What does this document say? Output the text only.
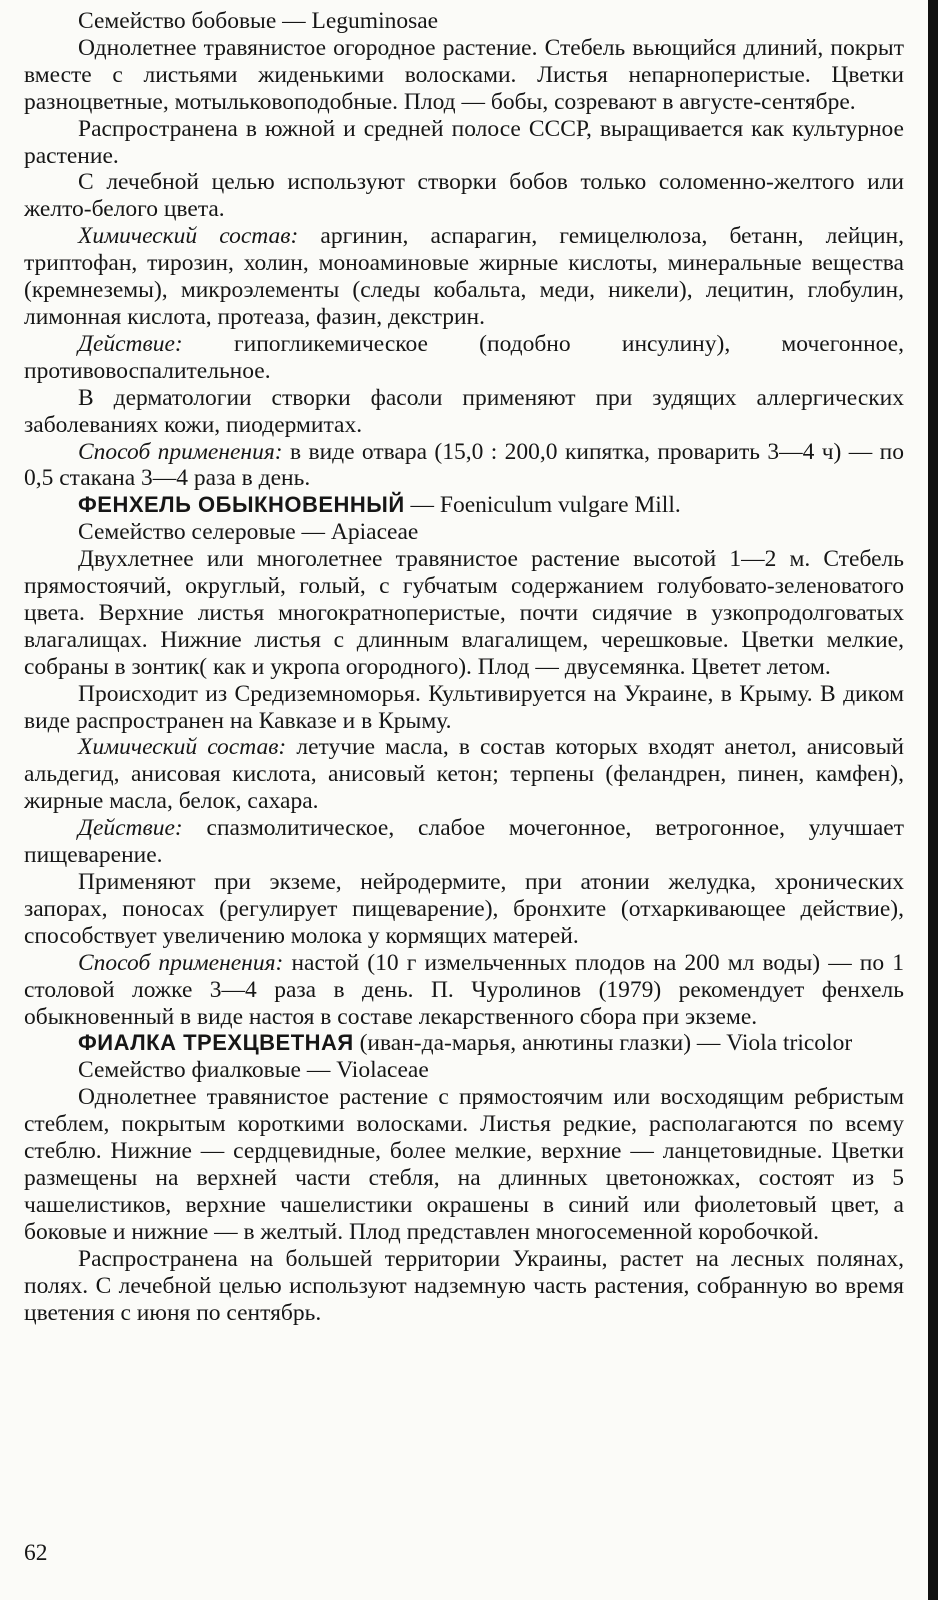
Семейство бобовые — Leguminosae

Однолетнее травянистое огородное растение. Стебель вьющийся длиний, покрыт вместе с листьями жиденькими волосками. Листья непарноперистые. Цветки разноцветные, мотыльковоподобные. Плод — бобы, созревают в августе-сентябре.

Распространена в южной и средней полосе СССР, выращивается как культурное растение.

С лечебной целью используют створки бобов только соломенно-желтого или желто-белого цвета.

Химический состав: аргинин, аспарагин, гемицелюлоза, бетанн, лейцин, триптофан, тирозин, холин, моноаминовые жирные кислоты, минеральные вещества (кремнеземы), микроэлементы (следы кобальта, меди, никели), лецитин, глобулин, лимонная кислота, протеаза, фазин, декстрин.

Действие: гипогликемическое (подобно инсулину), мочегонное, противовоспалительное.

В дерматологии створки фасоли применяют при зудящих аллергических заболеваниях кожи, пиодермитах.

Способ применения: в виде отвара (15,0 : 200,0 кипятка, проварить 3—4 ч) — по 0,5 стакана 3—4 раза в день.

ФЕНХЕЛЬ ОБЫКНОВЕННЫЙ — Foeniculum vulgare Mill.

Семейство селеровые — Apiaceae

Двухлетнее или многолетнее травянистое растение высотой 1—2 м. Стебель прямостоячий, округлый, голый, с губчатым содержанием голубовато-зеленоватого цвета. Верхние листья многократноперистые, почти сидячие в узкопродолговатых влагалищах. Нижние листья с длинным влагалищем, черешковые. Цветки мелкие, собраны в зонтик( как и укропа огородного). Плод — двусемянка. Цветет летом.

Происходит из Средиземноморья. Культивируется на Украине, в Крыму. В диком виде распространен на Кавказе и в Крыму.

Химический состав: летучие масла, в состав которых входят анетол, анисовый альдегид, анисовая кислота, анисовый кетон; терпены (феландрен, пинен, камфен), жирные масла, белок, сахара.

Действие: спазмолитическое, слабое мочегонное, ветрогонное, улучшает пищеварение.

Применяют при экземе, нейродермите, при атонии желудка, хронических запорах, поносах (регулирует пищеварение), бронхите (отхаркивающее действие), способствует увеличению молока у кормящих матерей.

Способ применения: настой (10 г измельченных плодов на 200 мл воды) — по 1 столовой ложке 3—4 раза в день. П. Чуролинов (1979) рекомендует фенхель обыкновенный в виде настоя в составе лекарственного сбора при экземе.

ФИАЛКА ТРЕХЦВЕТНАЯ (иван-да-марья, анютины глазки) — Viola tricolor

Семейство фиалковые — Violaceae

Однолетнее травянистое растение с прямостоячим или восходящим ребристым стеблем, покрытым короткими волосками. Листья редкие, располагаются по всему стеблю. Нижние — сердцевидные, более мелкие, верхние — ланцетовидные. Цветки размещены на верхней части стебля, на длинных цветоножках, состоят из 5 чашелистиков, верхние чашелистики окрашены в синий или фиолетовый цвет, а боковые и нижние — в желтый. Плод представлен многосеменной коробочкой.

Распространена на большей территории Украины, растет на лесных полянах, полях. С лечебной целью используют надземную часть растения, собранную во время цветения с июня по сентябрь.

62
